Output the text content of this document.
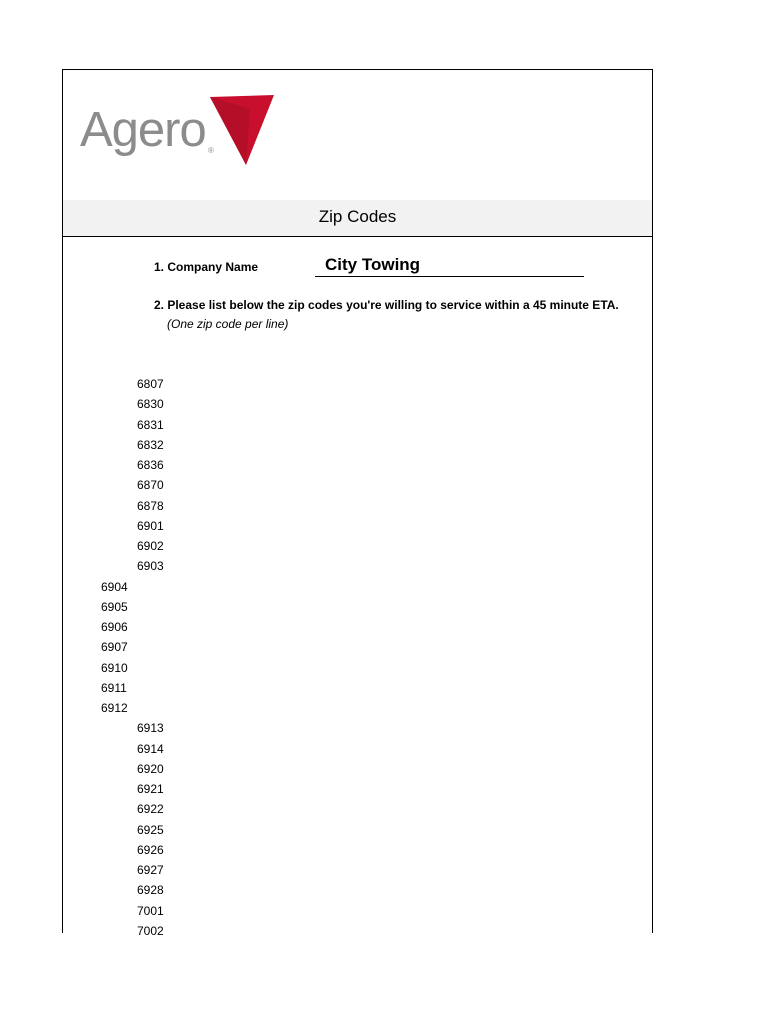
Agero ®
Zip Codes
1. Company Name	City Towing
2. Please list below the zip codes you're willing to service within a 45 minute ETA.
(One zip code per line)
6807
6830
6831
6832
6836
6870
6878
6901
6902
6903
6904
6905
6906
6907
6910
6911
6912
6913
6914
6920
6921
6922
6925
6926
6927
6928
7001
7002
